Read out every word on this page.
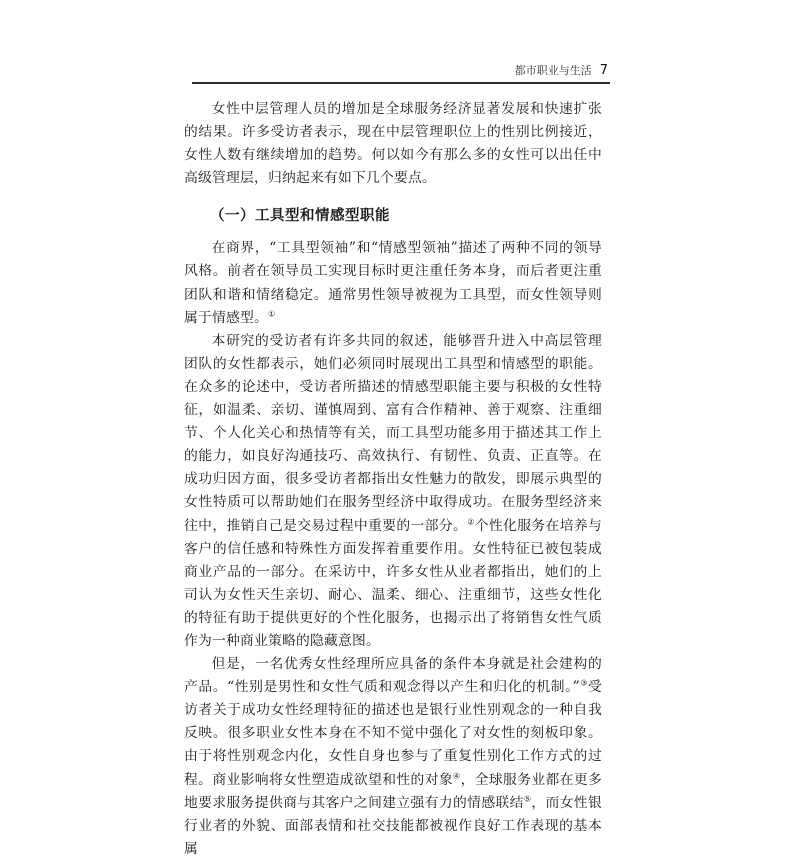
都市职业与生活 7

女性中层管理人员的增加是全球服务经济显著发展和快速扩张的结果。许多受访者表示，现在中层管理职位上的性别比例接近，女性人数有继续增加的趋势。何以如今有那么多的女性可以出任中高级管理层，归纳起来有如下几个要点。

（一）工具型和情感型职能

在商界，“工具型领袖”和“情感型领袖”描述了两种不同的领导风格。前者在领导员工实现目标时更注重任务本身，而后者更注重团队和谐和情绪稳定。通常男性领导被视为工具型，而女性领导则属于情感型。①

本研究的受访者有许多共同的叙述，能够晋升进入中高层管理团队的女性都表示，她们必须同时展现出工具型和情感型的职能。在众多的论述中，受访者所描述的情感型职能主要与积极的女性特征，如温柔、亲切、谨慎周到、富有合作精神、善于观察、注重细节、个人化关心和热情等有关，而工具型功能多用于描述其工作上的能力，如良好沟通技巧、高效执行、有韧性、负责、正直等。在成功归因方面，很多受访者都指出女性魅力的散发，即展示典型的女性特质可以帮助她们在服务型经济中取得成功。在服务型经济来往中，推销自己是交易过程中重要的一部分。②个性化服务在培养与客户的信任感和特殊性方面发挥着重要作用。女性特征已被包装成商业产品的一部分。在采访中，许多女性从业者都指出，她们的上司认为女性天生亲切、耐心、温柔、细心、注重细节，这些女性化的特征有助于提供更好的个性化服务，也揭示出了将销售女性气质作为一种商业策略的隐藏意图。

但是，一名优秀女性经理所应具备的条件本身就是社会建构的产品。“性别是男性和女性气质和观念得以产生和归化的机制。”③受访者关于成功女性经理特征的描述也是银行业性别观念的一种自我反映。很多职业女性本身在不知不觉中强化了对女性的刻板印象。由于将性别观念内化，女性自身也参与了重复性别化工作方式的过程。商业影响将女性塑造成欲望和性的对象④，全球服务业都在更多地要求服务提供商与其客户之间建立强有力的情感联结⑤，而女性银行业者的外貌、面部表情和社交技能都被视作良好工作表现的基本属
